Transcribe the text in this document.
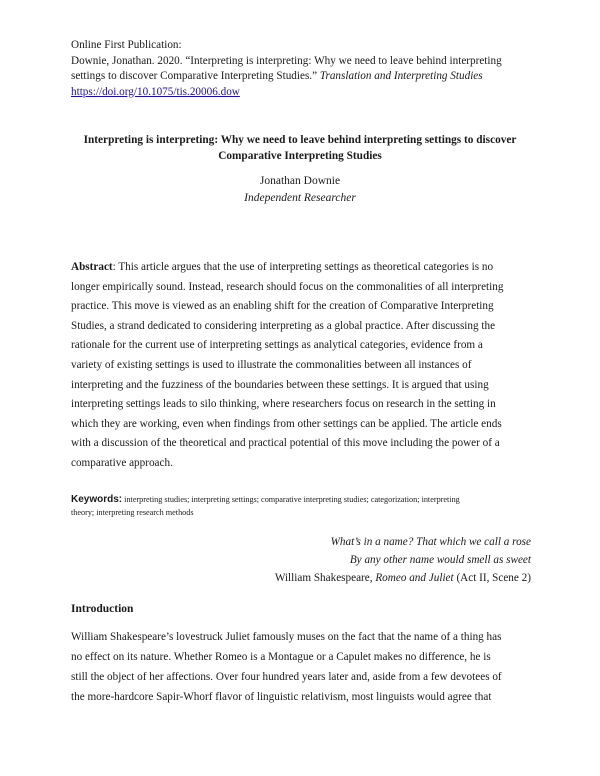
Online First Publication:
Downie, Jonathan. 2020. “Interpreting is interpreting: Why we need to leave behind interpreting
settings to discover Comparative Interpreting Studies.” Translation and Interpreting Studies
https://doi.org/10.1075/tis.20006.dow
Interpreting is interpreting: Why we need to leave behind interpreting settings to discover
Comparative Interpreting Studies
Jonathan Downie
Independent Researcher
Abstract: This article argues that the use of interpreting settings as theoretical categories is no
longer empirically sound. Instead, research should focus on the commonalities of all interpreting
practice. This move is viewed as an enabling shift for the creation of Comparative Interpreting
Studies, a strand dedicated to considering interpreting as a global practice. After discussing the
rationale for the current use of interpreting settings as analytical categories, evidence from a
variety of existing settings is used to illustrate the commonalities between all instances of
interpreting and the fuzziness of the boundaries between these settings. It is argued that using
interpreting settings leads to silo thinking, where researchers focus on research in the setting in
which they are working, even when findings from other settings can be applied. The article ends
with a discussion of the theoretical and practical potential of this move including the power of a
comparative approach.
Keywords: interpreting studies; interpreting settings; comparative interpreting studies; categorization; interpreting
theory; interpreting research methods
What’s in a name? That which we call a rose
By any other name would smell as sweet
William Shakespeare, Romeo and Juliet (Act II, Scene 2)
Introduction
William Shakespeare’s lovestruck Juliet famously muses on the fact that the name of a thing has
no effect on its nature. Whether Romeo is a Montague or a Capulet makes no difference, he is
still the object of her affections. Over four hundred years later and, aside from a few devotees of
the more-hardcore Sapir-Whorf flavor of linguistic relativism, most linguists would agree that
